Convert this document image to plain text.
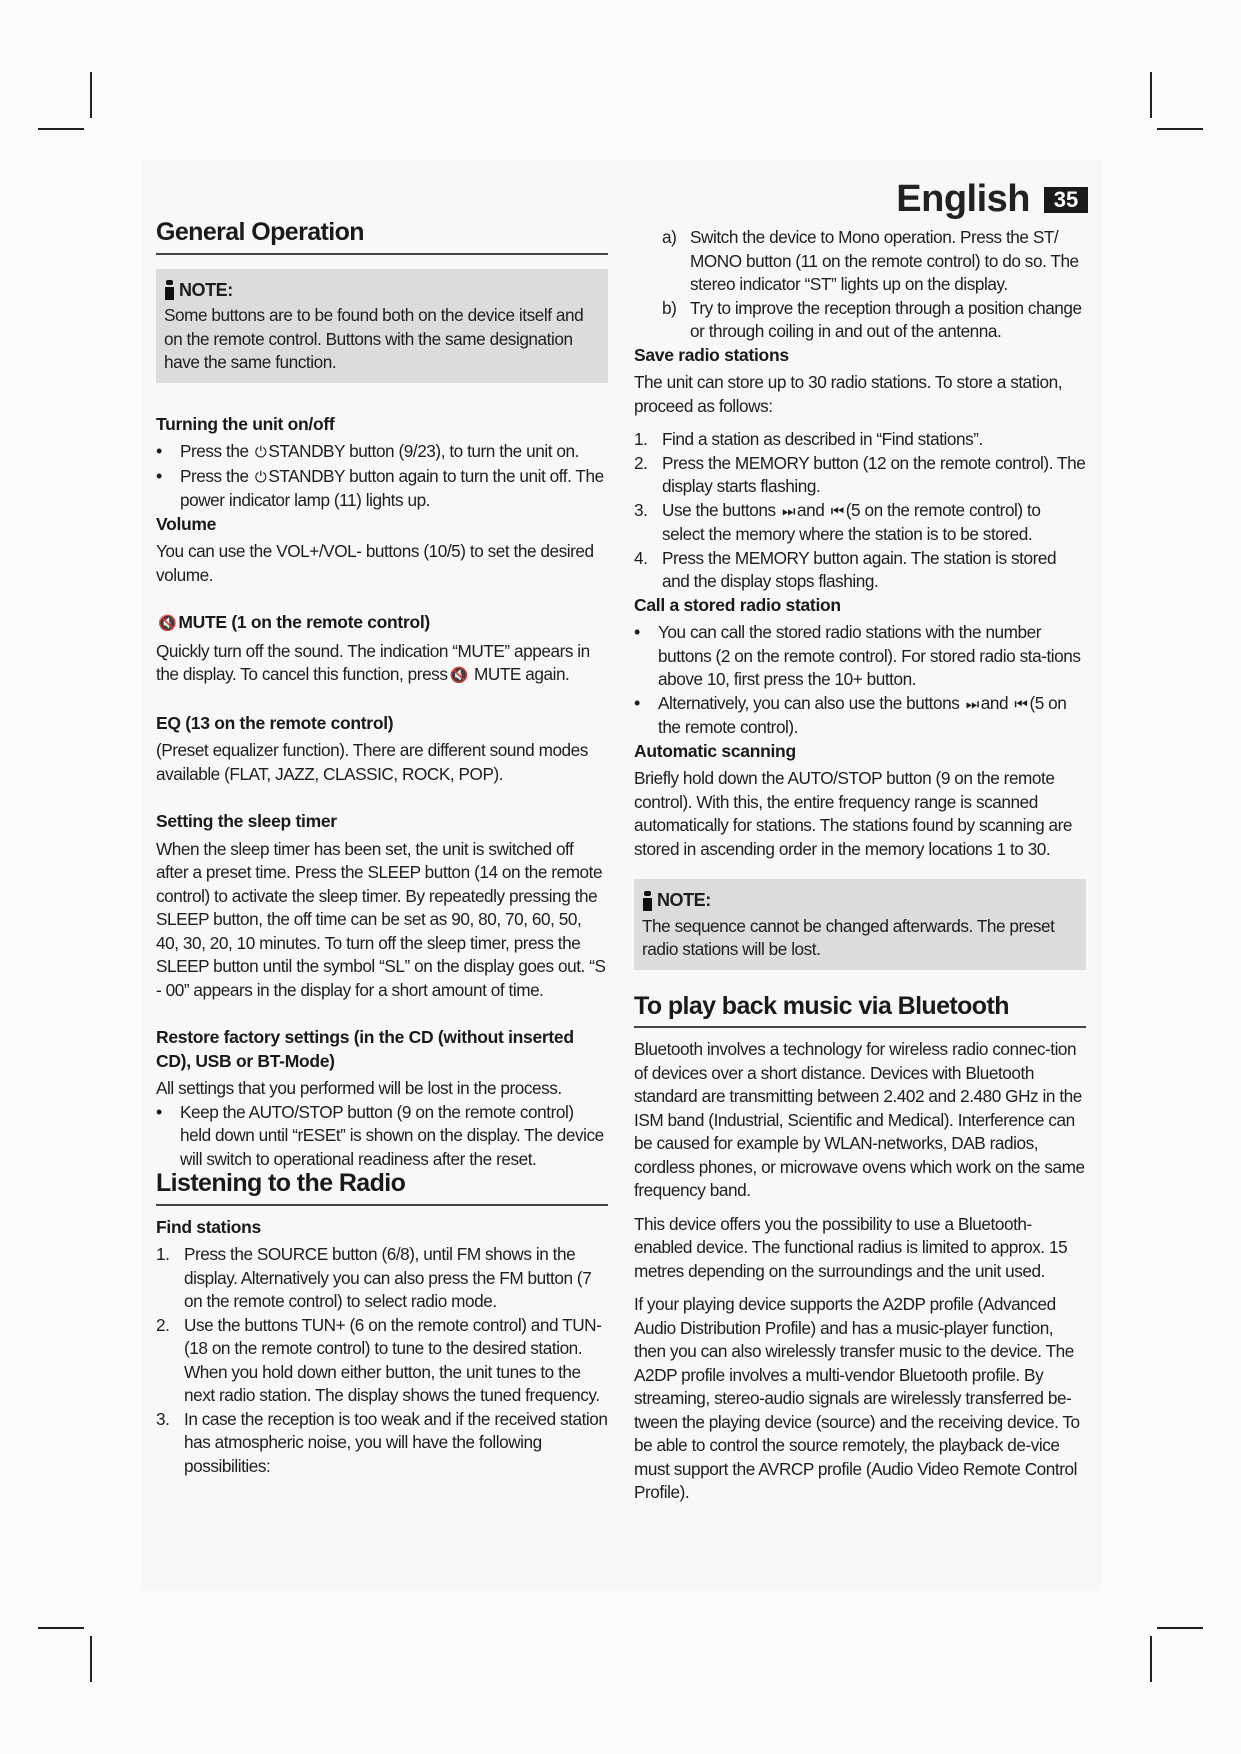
English	35
General Operation
NOTE:

Some buttons are to be found both on the device itself and on the remote control. Buttons with the same designation have the same function.

Turning the unit on/off
• Press the ⏻ STANDBY button (9/23), to turn the unit on.
• Press the ⏻ STANDBY button again to turn the unit off. The power indicator lamp (11) lights up.
Volume

You can use the VOL+/VOL- buttons (10/5) to set the desired volume.

🔇 MUTE (1 on the remote control)

Quickly turn off the sound. The indication “MUTE” appears in the display. To cancel this function, press 🔇 MUTE again.

EQ (13 on the remote control)

(Preset equalizer function). There are different sound modes available (FLAT, JAZZ, CLASSIC, ROCK, POP).

Setting the sleep timer

When the sleep timer has been set, the unit is switched off after a preset time. Press the SLEEP button (14 on the remote control) to activate the sleep timer. By repeatedly pressing the SLEEP button, the off time can be set as 90, 80, 70, 60, 50, 40, 30, 20, 10 minutes. To turn off the sleep timer, press the SLEEP button until the symbol “SL” on the display goes out. “S - 00” appears in the display for a short amount of time.

Restore factory settings (in the CD (without inserted CD), USB or BT-Mode)

All settings that you performed will be lost in the process.

• Keep the AUTO/STOP button (9 on the remote control) held down until “rESEt” is shown on the display. The device will switch to operational readiness after the reset.
Listening to the Radio
Find stations
1. Press the SOURCE button (6/8), until FM shows in the display. Alternatively you can also press the FM button (7 on the remote control) to select radio mode.
2. Use the buttons TUN+ (6 on the remote control) and TUN- (18 on the remote control) to tune to the desired station. When you hold down either button, the unit tunes to the next radio station. The display shows the tuned frequency.
3. In case the reception is too weak and if the received station has atmospheric noise, you will have the following possibilities:
a) Switch the device to Mono operation. Press the ST/ MONO button (11 on the remote control) to do so. The stereo indicator “ST” lights up on the display.
b) Try to improve the reception through a position change or through coiling in and out of the antenna.
Save radio stations

The unit can store up to 30 radio stations. To store a station, proceed as follows:

1. Find a station as described in “Find stations”.
2. Press the MEMORY button (12 on the remote control). The display starts flashing.
3. Use the buttons ⏭ and ⏮ (5 on the remote control) to select the memory where the station is to be stored.
4. Press the MEMORY button again. The station is stored and the display stops flashing.
Call a stored radio station
• You can call the stored radio stations with the number buttons (2 on the remote control). For stored radio sta-tions above 10, first press the 10+ button.
• Alternatively, you can also use the buttons ⏭ and ⏮ (5 on the remote control).
Automatic scanning

Briefly hold down the AUTO/STOP button (9 on the remote control). With this, the entire frequency range is scanned automatically for stations. The stations found by scanning are stored in ascending order in the memory locations 1 to 30.

NOTE:

The sequence cannot be changed afterwards. The preset radio stations will be lost.

To play back music via Bluetooth

Bluetooth involves a technology for wireless radio connec-tion of devices over a short distance. Devices with Bluetooth standard are transmitting between 2.402 and 2.480 GHz in the ISM band (Industrial, Scientific and Medical). Interference can be caused for example by WLAN-networks, DAB radios, cordless phones, or microwave ovens which work on the same frequency band.

This device offers you the possibility to use a Bluetooth-enabled device. The functional radius is limited to approx. 15 metres depending on the surroundings and the unit used.

If your playing device supports the A2DP profile (Advanced Audio Distribution Profile) and has a music-player function, then you can also wirelessly transfer music to the device. The A2DP profile involves a multi-vendor Bluetooth profile. By streaming, stereo-audio signals are wirelessly transferred be-tween the playing device (source) and the receiving device. To be able to control the source remotely, the playback de-vice must support the AVRCP profile (Audio Video Remote Control Profile).
